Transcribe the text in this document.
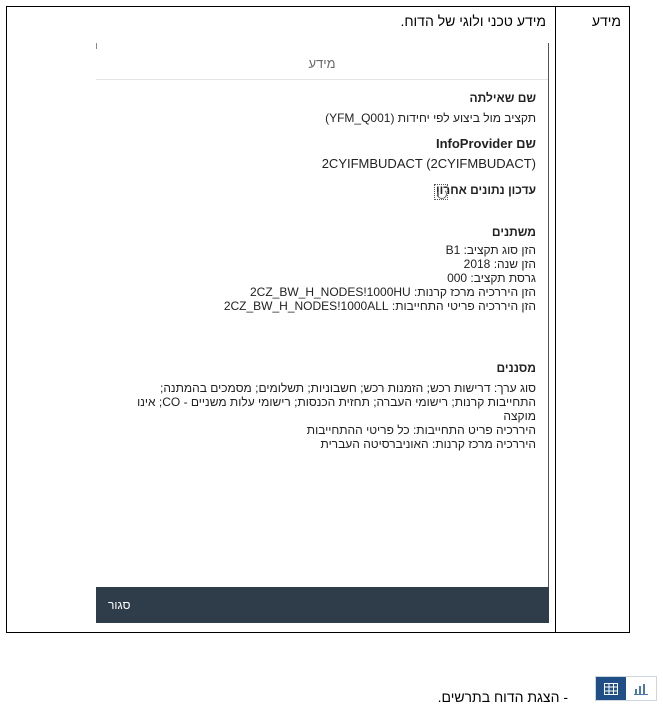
מידע
מידע טכני ולוגי של הדוח.
מידע
שם שאילתה
תקציב מול ביצוע לפי יחידות (YFM_Q001)
שם InfoProvider
(2CYIFMBUDACT (2CYIFMBUDACT
עדכון נתונים אחרון
משתנים
הזן סוג תקציב: B1
הזן שנה: 2018
גרסת תקציב: 000
הזן היררכיה מרכז קרנות: 2CZ_BW_H_NODES!1000HU
הזן היררכיה פריטי התחייבות: 2CZ_BW_H_NODES!1000ALL
מסננים
סוג ערך: דרישות רכש; הזמנות רכש; חשבוניות; תשלומים; מסמכים בהמתנה; התחייבות קרנות; רישומי העברה; תחזית הכנסות; רישומי עלות משניים - CO; אינו מוקצה
היררכיה פריט התחייבות: כל פריטי ההתחייבות
היררכיה מרכז קרנות: האוניברסיטה העברית
סגור
- הצגת הדוח בתרשים.
